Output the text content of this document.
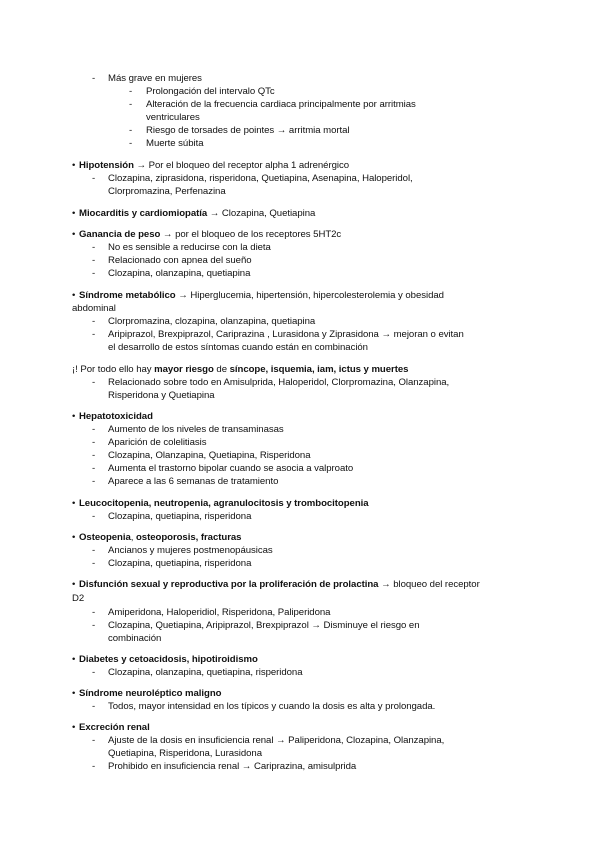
- Más grave en mujeres
- Prolongación del intervalo QTc
- Alteración de la frecuencia cardiaca principalmente por arritmias
ventriculares
- Riesgo de torsades de pointes → arritmia mortal
- Muerte súbita
• Hipotensión → Por el bloqueo del receptor alpha 1 adrenérgico
- Clozapina, ziprasidona, risperidona, Quetiapina, Asenapina, Haloperidol,
Clorpromazina, Perfenazina
• Miocarditis y cardiomiopatía → Clozapina, Quetiapina
• Ganancia de peso → por el bloqueo de los receptores 5HT2c
- No es sensible a reducirse con la dieta
- Relacionado con apnea del sueño
- Clozapina, olanzapina, quetiapina
• Síndrome metabólico → Hiperglucemia, hipertensión, hipercolesterolemia y obesidad
abdominal
- Clorpromazina, clozapina, olanzapina, quetiapina
- Aripiprazol, Brexpiprazol, Cariprazina , Lurasidona y Ziprasidona → mejoran o evitan
el desarrollo de estos síntomas cuando están en combinación
¡! Por todo ello hay mayor riesgo de síncope, isquemia, iam, ictus y muertes
- Relacionado sobre todo en Amisulprida, Haloperidol, Clorpromazina, Olanzapina,
Risperidona y Quetiapina
• Hepatotoxicidad
- Aumento de los niveles de transaminasas
- Aparición de colelitiasis
- Clozapina, Olanzapina, Quetiapina, Risperidona
- Aumenta el trastorno bipolar cuando se asocia a valproato
- Aparece a las 6 semanas de tratamiento
• Leucocitopenia, neutropenia, agranulocitosis y trombocitopenia
- Clozapina, quetiapina, risperidona
• Osteopenia, osteoporosis, fracturas
- Ancianos y mujeres postmenopáusicas
- Clozapina, quetiapina, risperidona
• Disfunción sexual y reproductiva por la proliferación de prolactina → bloqueo del receptor
D2
- Amiperidona, Haloperidiol, Risperidona, Paliperidona
- Clozapina, Quetiapina, Aripiprazol, Brexpiprazol → Disminuye el riesgo en
combinación
• Diabetes y cetoacidosis, hipotiroidismo
- Clozapina, olanzapina, quetiapina, risperidona
• Síndrome neuroléptico maligno
- Todos, mayor intensidad en los típicos y cuando la dosis es alta y prolongada.
• Excreción renal
- Ajuste de la dosis en insuficiencia renal → Paliperidona, Clozapina, Olanzapina,
Quetiapina, Risperidona, Lurasidona
- Prohibido en insuficiencia renal → Cariprazina, amisulprida
